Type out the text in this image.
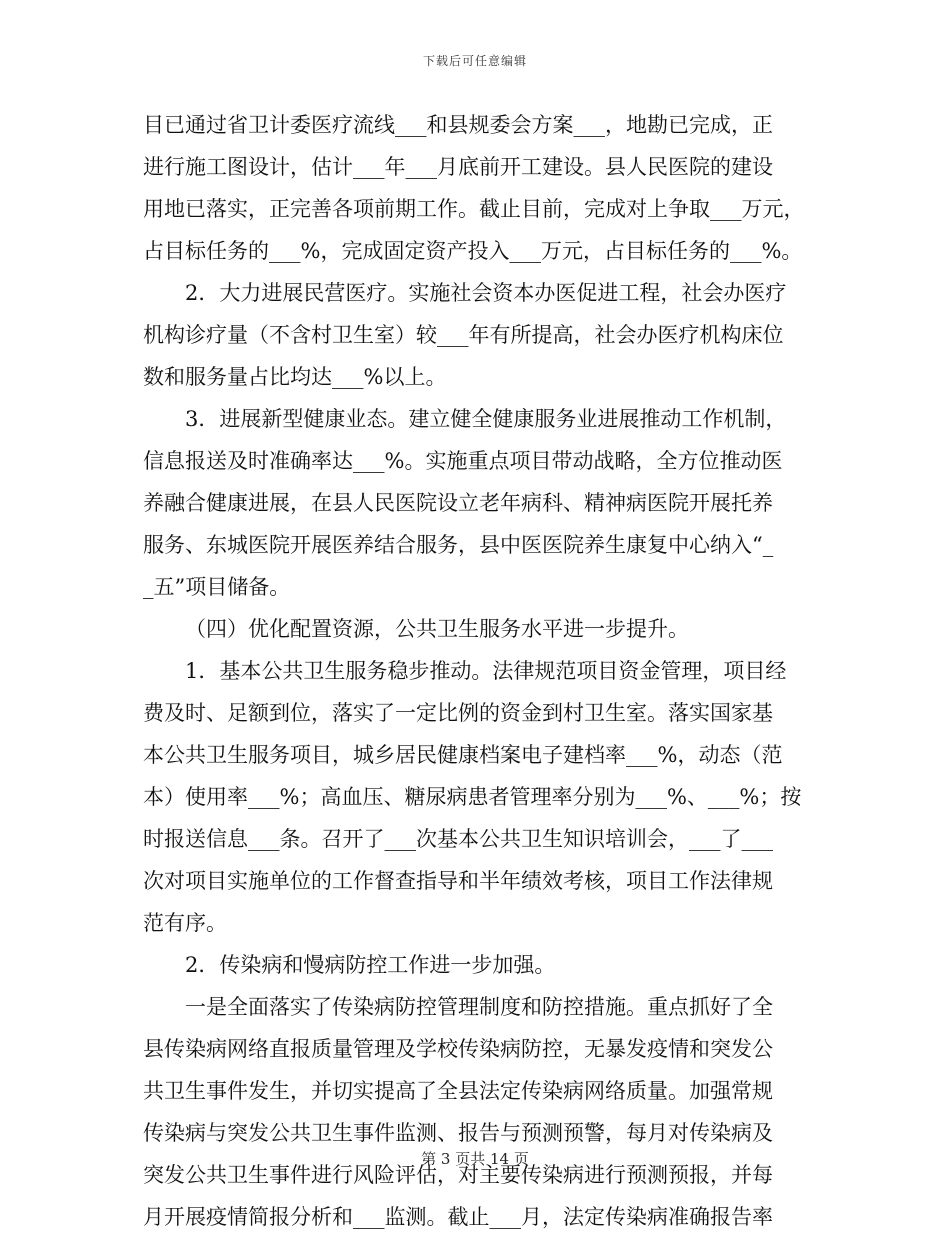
下载后可任意编辑
目已通过省卫计委医疗流线___和县规委会方案___，地勘已完成，正
进行施工图设计，估计___年___月底前开工建设。县人民医院的建设
用地已落实，正完善各项前期工作。截止目前，完成对上争取___万元，
占目标任务的___%，完成固定资产投入___万元，占目标任务的___%。
2．大力进展民营医疗。实施社会资本办医促进工程，社会办医疗
机构诊疗量（不含村卫生室）较___年有所提高，社会办医疗机构床位
数和服务量占比均达___%以上。
3．进展新型健康业态。建立健全健康服务业进展推动工作机制，
信息报送及时准确率达___%。实施重点项目带动战略，全方位推动医
养融合健康进展，在县人民医院设立老年病科、精神病医院开展托养
服务、东城医院开展医养结合服务，县中医医院养生康复中心纳入“_
_五”项目储备。
（四）优化配置资源，公共卫生服务水平进一步提升。
1．基本公共卫生服务稳步推动。法律规范项目资金管理，项目经
费及时、足额到位，落实了一定比例的资金到村卫生室。落实国家基
本公共卫生服务项目，城乡居民健康档案电子建档率___%，动态（范
本）使用率___%；高血压、糖尿病患者管理率分别为___%、___%；按
时报送信息___条。召开了___次基本公共卫生知识培训会，___了___
次对项目实施单位的工作督查指导和半年绩效考核，项目工作法律规
范有序。
2．传染病和慢病防控工作进一步加强。
一是全面落实了传染病防控管理制度和防控措施。重点抓好了全
县传染病网络直报质量管理及学校传染病防控，无暴发疫情和突发公
共卫生事件发生，并切实提高了全县法定传染病网络质量。加强常规
传染病与突发公共卫生事件监测、报告与预测预警，每月对传染病及
突发公共卫生事件进行风险评估，对主要传染病进行预测预报，并每
月开展疫情简报分析和___监测。截止___月，法定传染病准确报告率
第 3 页共 14 页
